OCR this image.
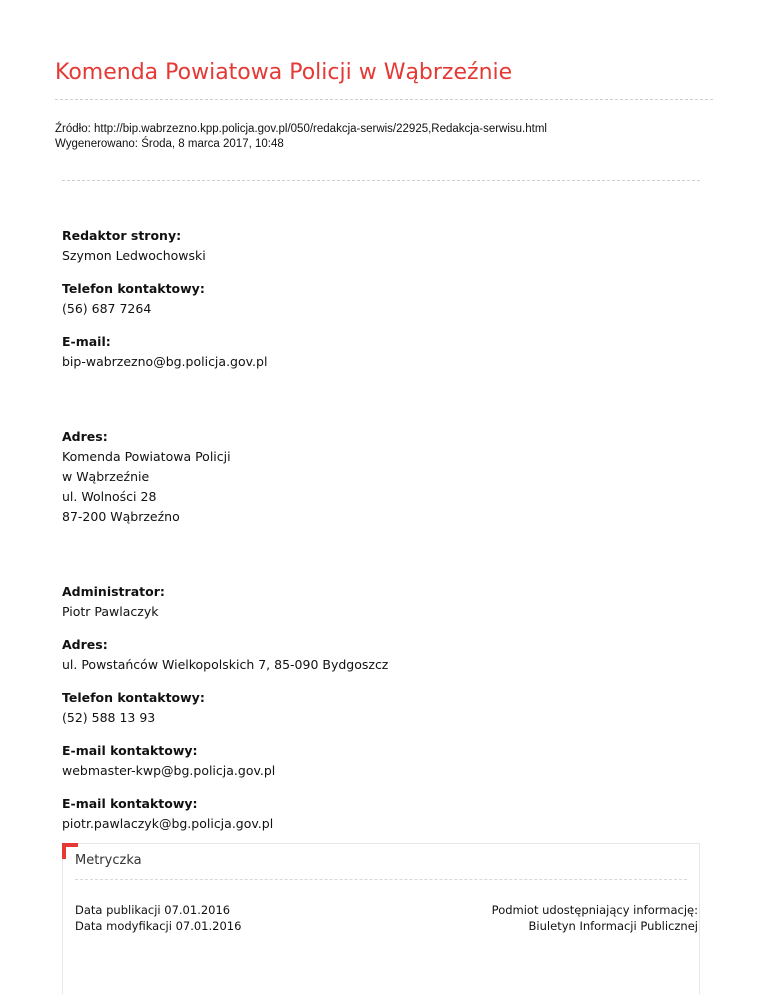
Komenda Powiatowa Policji w Wąbrzeźnie
Źródło: http://bip.wabrzezno.kpp.policja.gov.pl/050/redakcja-serwis/22925,Redakcja-serwisu.html
Wygenerowano: Środa, 8 marca 2017, 10:48
Redaktor strony:
Szymon Ledwochowski
Telefon kontaktowy:
(56) 687 7264
E-mail:
bip-wabrzezno@bg.policja.gov.pl
Adres:
Komenda Powiatowa Policji
w Wąbrzeźnie
ul. Wolności 28
87-200 Wąbrzeźno
Administrator:
Piotr Pawlaczyk
Adres:
ul. Powstańców Wielkopolskich 7, 85-090 Bydgoszcz
Telefon kontaktowy:
(52) 588 13 93
E-mail kontaktowy:
webmaster-kwp@bg.policja.gov.pl
E-mail kontaktowy:
piotr.pawlaczyk@bg.policja.gov.pl
Metryczka
Data publikacji 07.01.2016
Data modyfikacji 07.01.2016
Podmiot udostępniający informację:
Biuletyn Informacji Publicznej
